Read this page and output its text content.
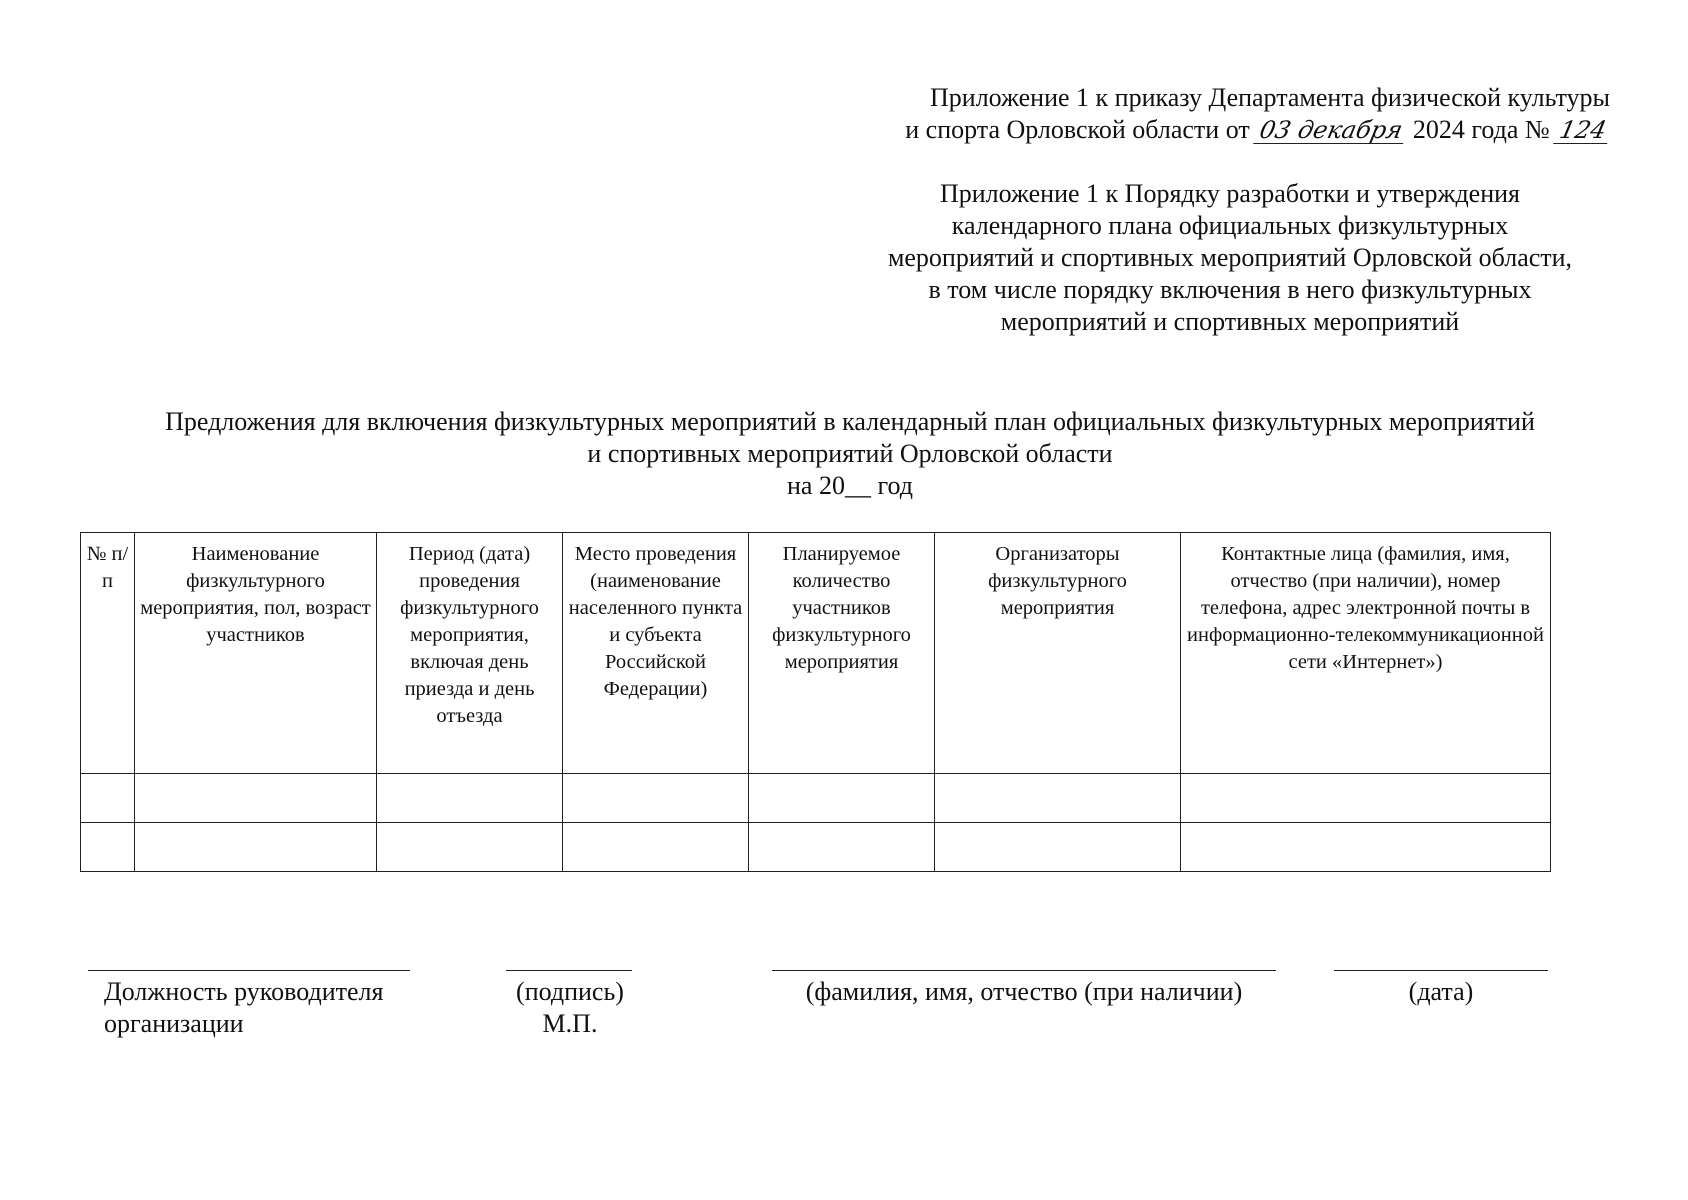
Приложение 1 к приказу Департамента физической культуры
и спорта Орловской области от 03 декабря 2024 года № 124
Приложение 1 к Порядку разработки и утверждения
календарного плана официальных физкультурных
мероприятий и спортивных мероприятий Орловской области,
в том числе порядку включения в него физкультурных
мероприятий и спортивных мероприятий
Предложения для включения физкультурных мероприятий в календарный план официальных физкультурных мероприятий
и спортивных мероприятий Орловской области
на 20__ год
№ п/п	Наименование физкультурного мероприятия, пол, возраст участников	Период (дата) проведения физкультурного мероприятия, включая день приезда и день отъезда	Место проведения (наименование населенного пункта и субъекта Российской Федерации)	Планируемое количество участников физкультурного мероприятия	Организаторы физкультурного мероприятия	Контактные лица (фамилия, имя, отчество (при наличии), номер телефона, адрес электронной почты в информационно-телекоммуникационной сети «Интернет»)

Должность руководителя
организации
(подпись)
М.П.
(фамилия, имя, отчество (при наличии)	(дата)
